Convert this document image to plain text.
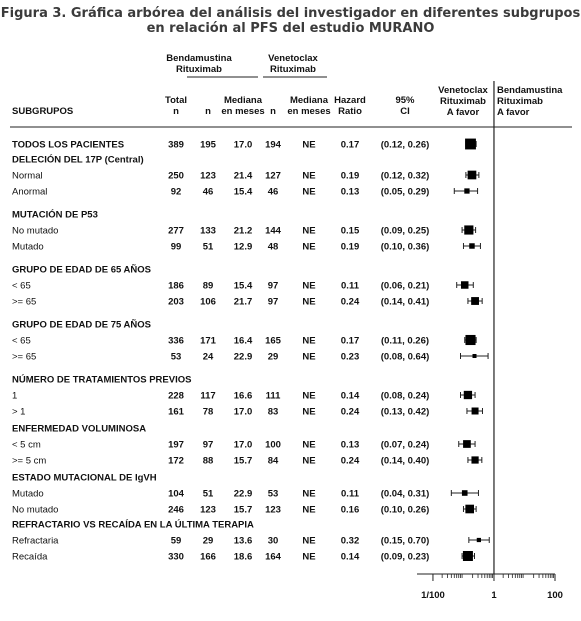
Figura 3. Gráfica arbórea del análisis del investigador en diferentes subgrupos
en relación al PFS del estudio MURANO
Bendamustina
Rituximab
Venetoclax
Rituximab
SUBGRUPOS
Total
n	n
Mediana
en meses n
Mediana
en meses
Hazard
Ratio
95%
CI
Venetoclax
Rituximab
A favor
Bendamustina
Rituximab
A favor
TODOS LOS PACIENTES	389 195 17.0 194 NE	0.17 (0.12, 0.26)
DELECIÓN DEL 17P (Central)
Normal	250 123 21.4 127 NE	0.19 (0.12, 0.32)
Anormal	92 46 15.4 46	NE	0.13 (0.05, 0.29)
MUTACIÓN DE P53
No mutado	277 133 21.2 144 NE	0.15 (0.09, 0.25)
Mutado	99 51 12.9 48	NE	0.19 (0.10, 0.36)
GRUPO DE EDAD DE 65 AÑOS
< 65	186 89 15.4 97	NE	0.11 (0.06, 0.21)
>= 65	203 106 21.7 97	NE	0.24 (0.14, 0.41)
GRUPO DE EDAD DE 75 AÑOS
< 65	336 171 16.4 165 NE	0.17 (0.11, 0.26)
>= 65	53 24 22.9 29	NE	0.23 (0.08, 0.64)
NÚMERO DE TRATAMIENTOS PREVIOS
1	228 117 16.6 111 NE	0.14 (0.08, 0.24)
> 1	161 78 17.0 83	NE	0.24 (0.13, 0.42)
ENFERMEDAD VOLUMINOSA
< 5 cm	197 97 17.0 100 NE	0.13 (0.07, 0.24)
>= 5 cm	172 88 15.7 84	NE	0.24 (0.14, 0.40)
ESTADO MUTACIONAL DE IgVH
Mutado	104 51 22.9 53	NE	0.11 (0.04, 0.31)
No mutado	246 123 15.7 123 NE	0.16 (0.10, 0.26)
REFRACTARIO VS RECAÍDA EN LA ÚLTIMA TERAPIA
Refractaria	59 29 13.6 30	NE	0.32 (0.15, 0.70)
Recaída	330 166 18.6 164 NE	0.14 (0.09, 0.23)
1/100	1	100
